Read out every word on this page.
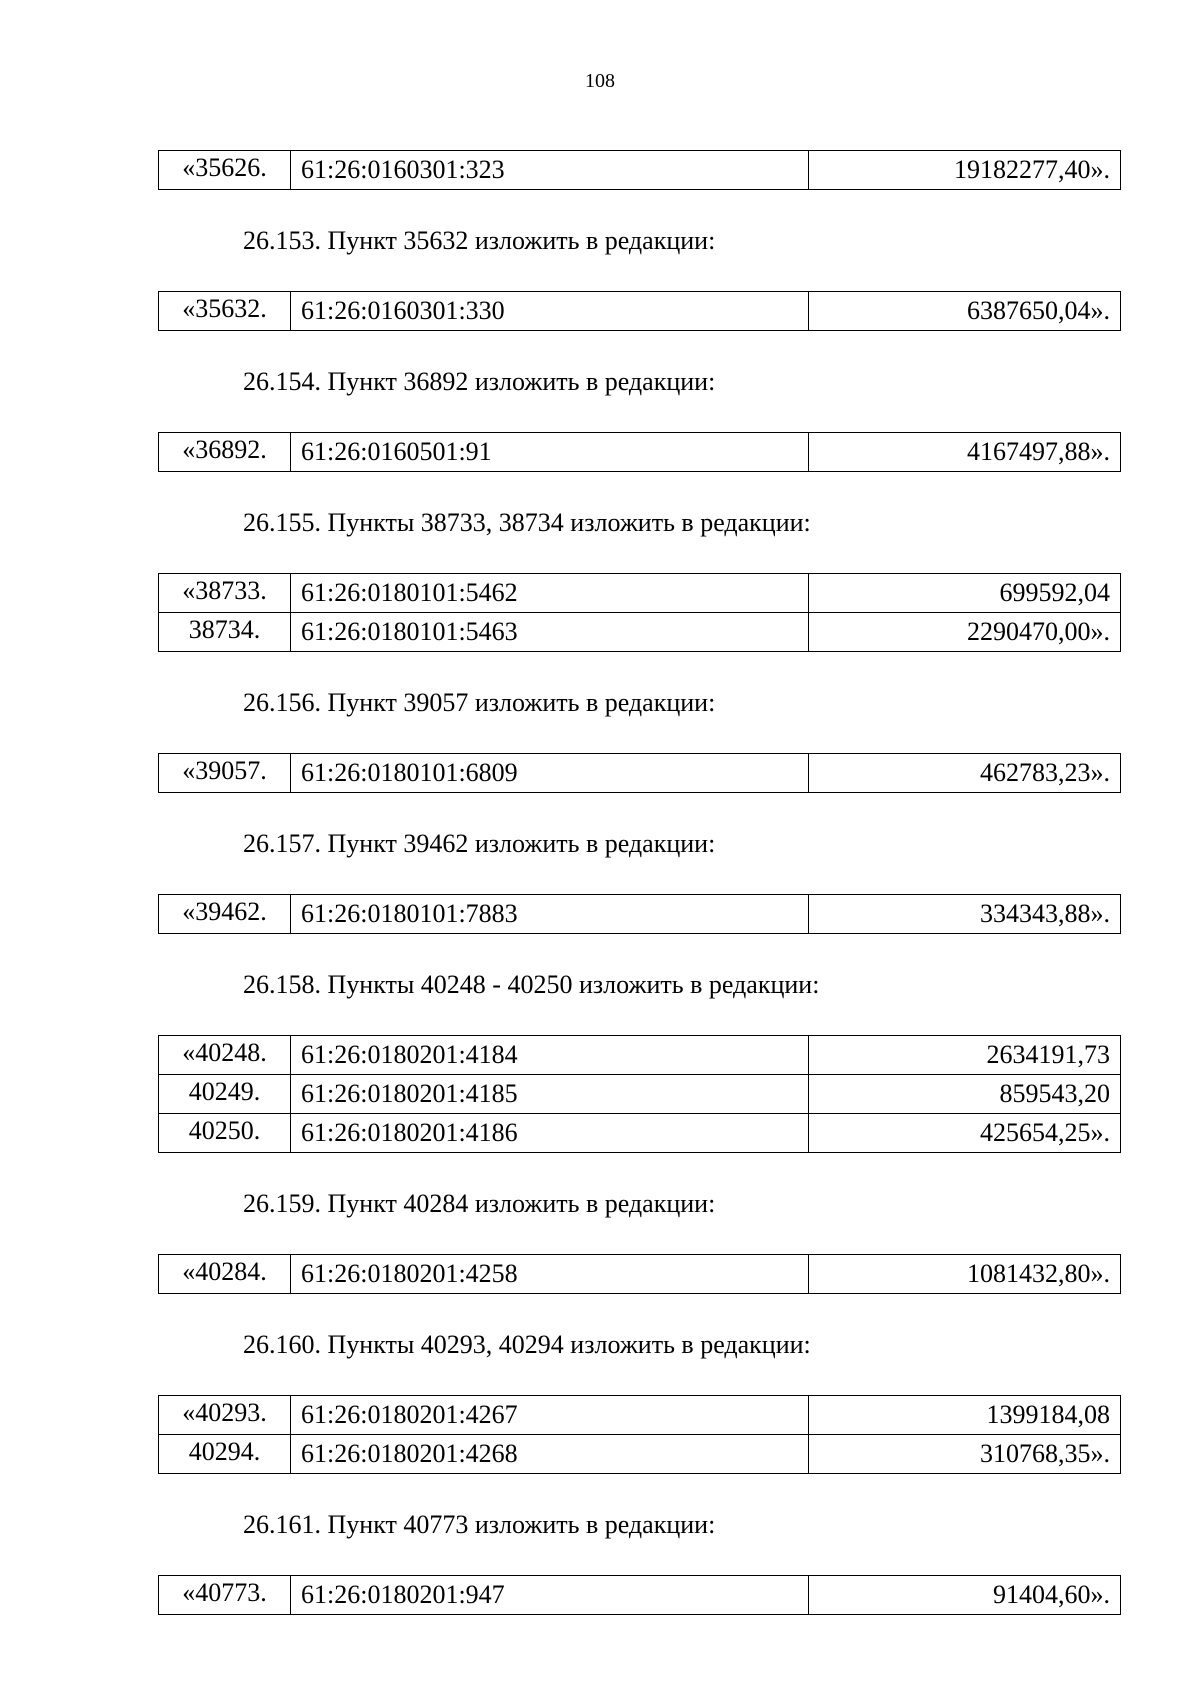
108
«35626.	61:26:0160301:323	19182277,40».
26.153. Пункт 35632 изложить в редакции:
«35632.	61:26:0160301:330	6387650,04».
26.154. Пункт 36892 изложить в редакции:
«36892.	61:26:0160501:91	4167497,88».
26.155. Пункты 38733, 38734 изложить в редакции:
«38733.	61:26:0180101:5462	699592,04
38734.	61:26:0180101:5463	2290470,00».
26.156. Пункт 39057 изложить в редакции:
«39057.	61:26:0180101:6809	462783,23».
26.157. Пункт 39462 изложить в редакции:
«39462.	61:26:0180101:7883	334343,88».
26.158. Пункты 40248 - 40250 изложить в редакции:
«40248.	61:26:0180201:4184	2634191,73
40249.	61:26:0180201:4185	859543,20
40250.	61:26:0180201:4186	425654,25».
26.159. Пункт 40284 изложить в редакции:
«40284.	61:26:0180201:4258	1081432,80».
26.160. Пункты 40293, 40294 изложить в редакции:
«40293.	61:26:0180201:4267	1399184,08
40294.	61:26:0180201:4268	310768,35».
26.161. Пункт 40773 изложить в редакции:
«40773.	61:26:0180201:947	91404,60».
